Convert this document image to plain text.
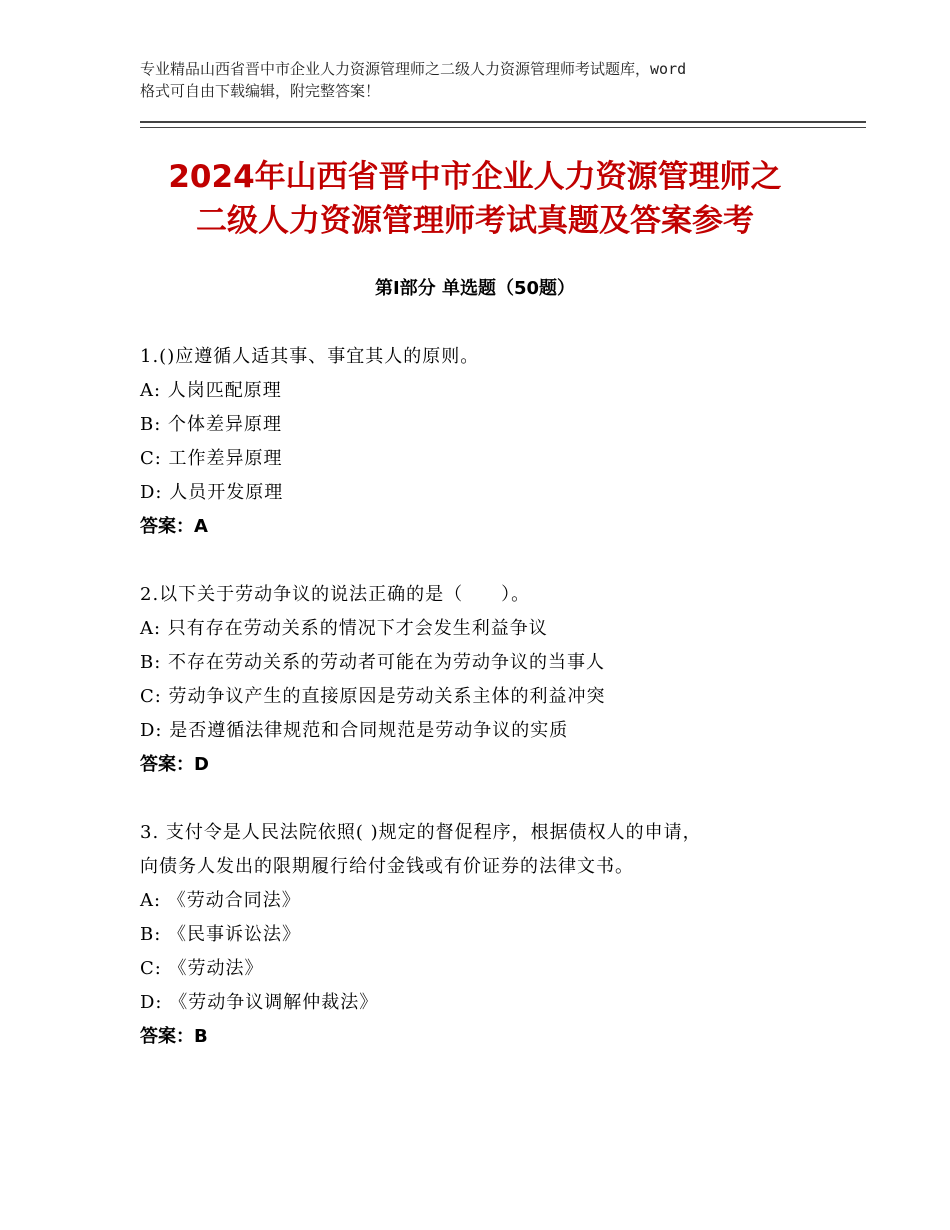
专业精品山西省晋中市企业人力资源管理师之二级人力资源管理师考试题库，word
格式可自由下载编辑，附完整答案！
2024年山西省晋中市企业人力资源管理师之
二级人力资源管理师考试真题及答案参考
第Ⅰ部分 单选题（50题）
1.()应遵循人适其事、事宜其人的原则。
A: 人岗匹配原理
B: 个体差异原理
C: 工作差异原理
D: 人员开发原理
答案：A
2.以下关于劳动争议的说法正确的是（　　）。
A: 只有存在劳动关系的情况下才会发生利益争议
B: 不存在劳动关系的劳动者可能在为劳动争议的当事人
C: 劳动争议产生的直接原因是劳动关系主体的利益冲突
D: 是否遵循法律规范和合同规范是劳动争议的实质
答案：D
3. 支付令是人民法院依照( )规定的督促程序，根据债权人的申请，
向债务人发出的限期履行给付金钱或有价证券的法律文书。
A: 《劳动合同法》
B: 《民事诉讼法》
C: 《劳动法》
D: 《劳动争议调解仲裁法》
答案：B
